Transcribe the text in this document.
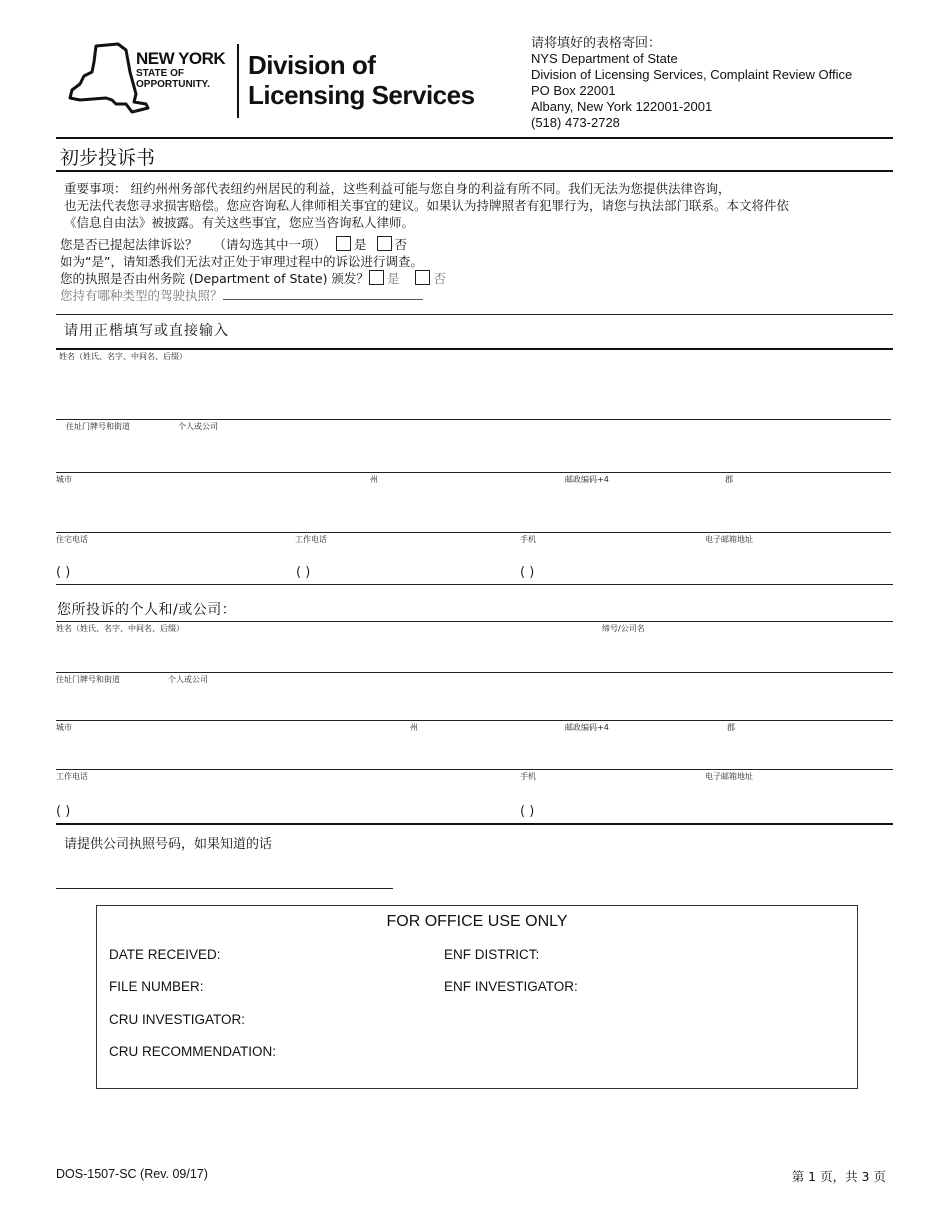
NEW YORK
STATE OF
OPPORTUNITY.
Division of
Licensing Services
请将填好的表格寄回：
NYS Department of State
Division of Licensing Services, Complaint Review Office
PO Box 22001
Albany, New York 122001-2001
(518) 473-2728
初步投诉书
重要事项： 纽约州州务部代表纽约州居民的利益，这些利益可能与您自身的利益有所不同。我们无法为您提供法律咨询，
也无法代表您寻求损害赔偿。您应咨询私人律师相关事宜的建议。如果认为持牌照者有犯罪行为，请您与执法部门联系。本文将件依
《信息自由法》被披露。有关这些事宜，您应当咨询私人律师。
您是否已提起法律诉讼？ （请勾选其中一项） 是 否
如为“是”，请知悉我们无法对正处于审理过程中的诉讼进行调查。
您的执照是否由州务院 (Department of State) 颁发？ 是	否
您持有哪种类型的驾驶执照？
请用正楷填写或直接输入
姓名（姓氏、名字、中间名、后缀）
住址门牌号和街道	个人或公司
城市	州	邮政编码+4	郡
住宅电话	工作电话	手机	电子邮箱地址
( )	( )	( )
您所投诉的个人和/或公司：
姓名（姓氏、名字、中间名、后缀）	缔号/公司名
住址门牌号和街道	个人或公司
城市	州	邮政编码+4	郡
工作电话	手机	电子邮箱地址
( )	( )
请提供公司执照号码，如果知道的话
FOR OFFICE USE ONLY
DATE RECEIVED:	ENF DISTRICT:
FILE NUMBER:	ENF INVESTIGATOR:
CRU INVESTIGATOR:
CRU RECOMMENDATION:
DOS-1507-SC (Rev. 09/17)	第 1 页，共 3 页
